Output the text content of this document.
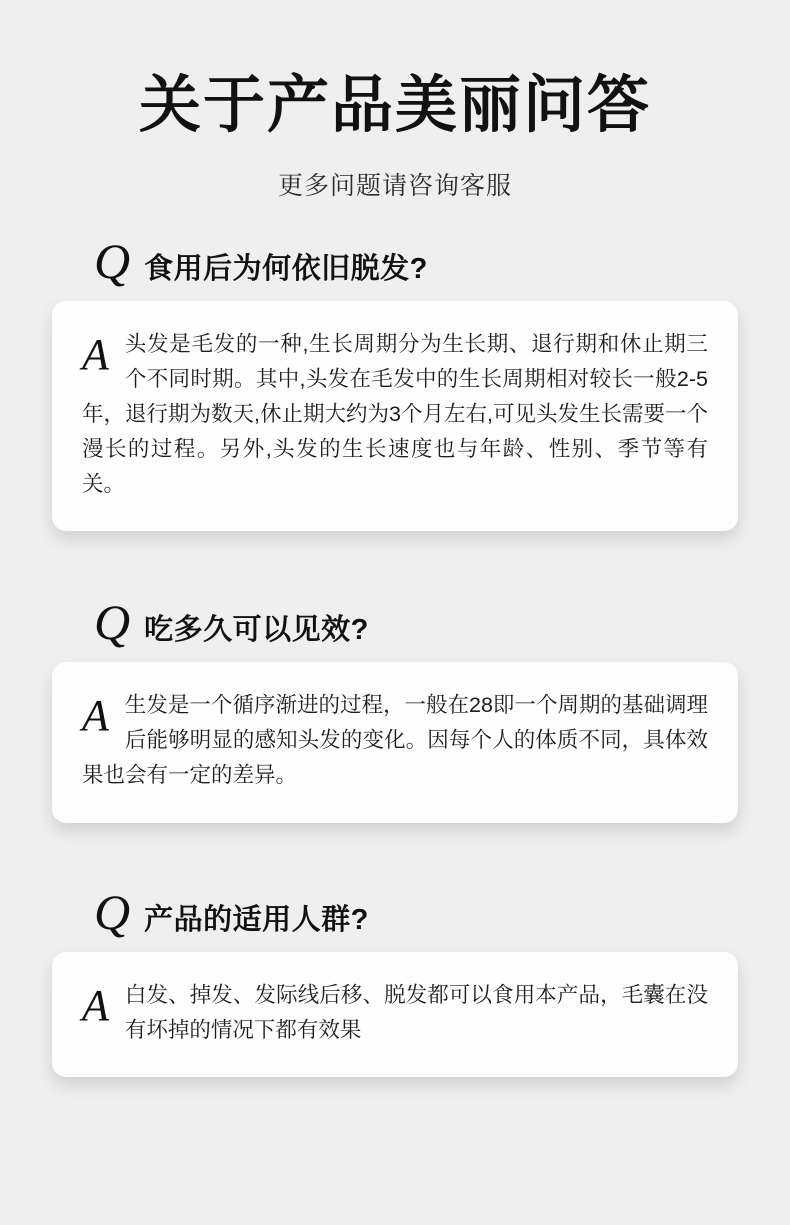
关于产品美丽问答
更多问题请咨询客服
Q 食用后为何依旧脱发?
A 头发是毛发的一种,生长周期分为生长期、退行期和休止期三个不同时期。其中,头发在毛发中的生长周期相对较长一般2-5年，退行期为数天,休止期大约为3个月左右,可见头发生长需要一个漫长的过程。另外,头发的生长速度也与年龄、性别、季节等有关。
Q 吃多久可以见效?
A 生发是一个循序渐进的过程，一般在28即一个周期的基础调理后能够明显的感知头发的变化。因每个人的体质不同，具体效果也会有一定的差异。
Q 产品的适用人群?
A 白发、掉发、发际线后移、脱发都可以食用本产品，毛囊在没有坏掉的情况下都有效果
